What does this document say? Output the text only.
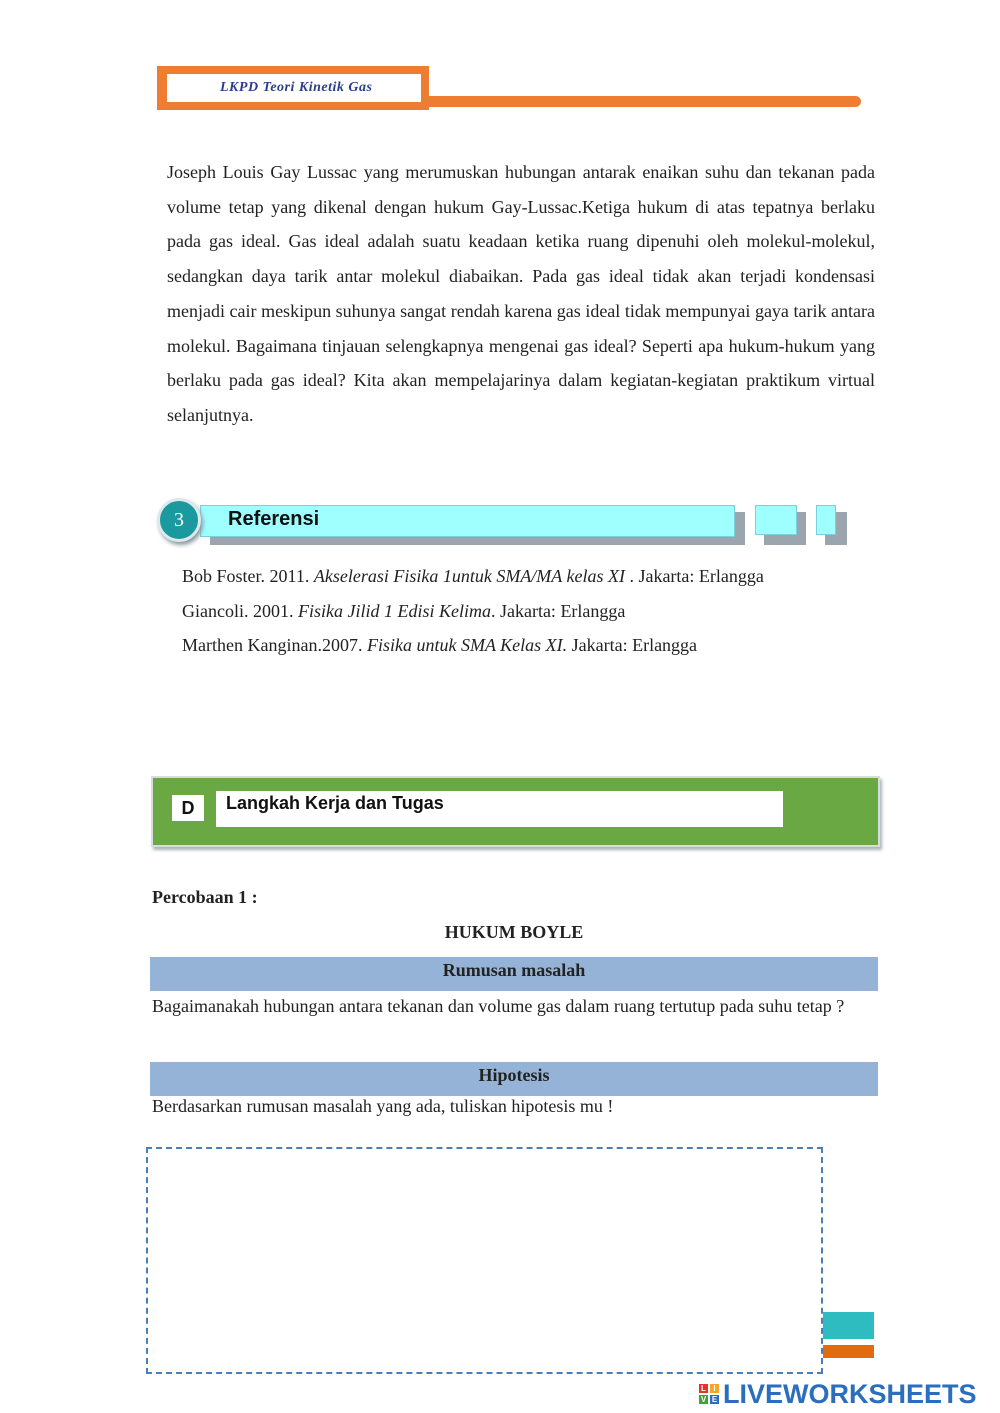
LKPD Teori Kinetik Gas
Joseph Louis Gay Lussac yang merumuskan hubungan antarak enaikan suhu dan tekanan pada volume tetap yang dikenal dengan hukum Gay-Lussac.Ketiga hukum di atas tepatnya berlaku pada gas ideal. Gas ideal adalah suatu keadaan ketika ruang dipenuhi oleh molekul-molekul, sedangkan daya tarik antar molekul diabaikan. Pada gas ideal tidak akan terjadi kondensasi menjadi cair meskipun suhunya sangat rendah karena gas ideal tidak mempunyai gaya tarik antara molekul. Bagaimana tinjauan selengkapnya mengenai gas ideal? Seperti apa hukum-hukum yang berlaku pada gas ideal? Kita akan mempelajarinya dalam kegiatan-kegiatan praktikum virtual selanjutnya.
Referensi
3
Bob Foster. 2011. Akselerasi Fisika 1untuk SMA/MA kelas XI . Jakarta: Erlangga
Giancoli. 2001. Fisika Jilid 1 Edisi Kelima. Jakarta: Erlangga
Marthen Kanginan.2007. Fisika untuk SMA Kelas XI. Jakarta: Erlangga
D	Langkah Kerja dan Tugas
Percobaan 1 :
HUKUM BOYLE
Rumusan masalah
Bagaimanakah hubungan antara tekanan dan volume gas dalam ruang tertutup pada suhu tetap ?
Hipotesis
Berdasarkan rumusan masalah yang ada, tuliskan hipotesis mu !
L I
V E LIVEWORKSHEETS
